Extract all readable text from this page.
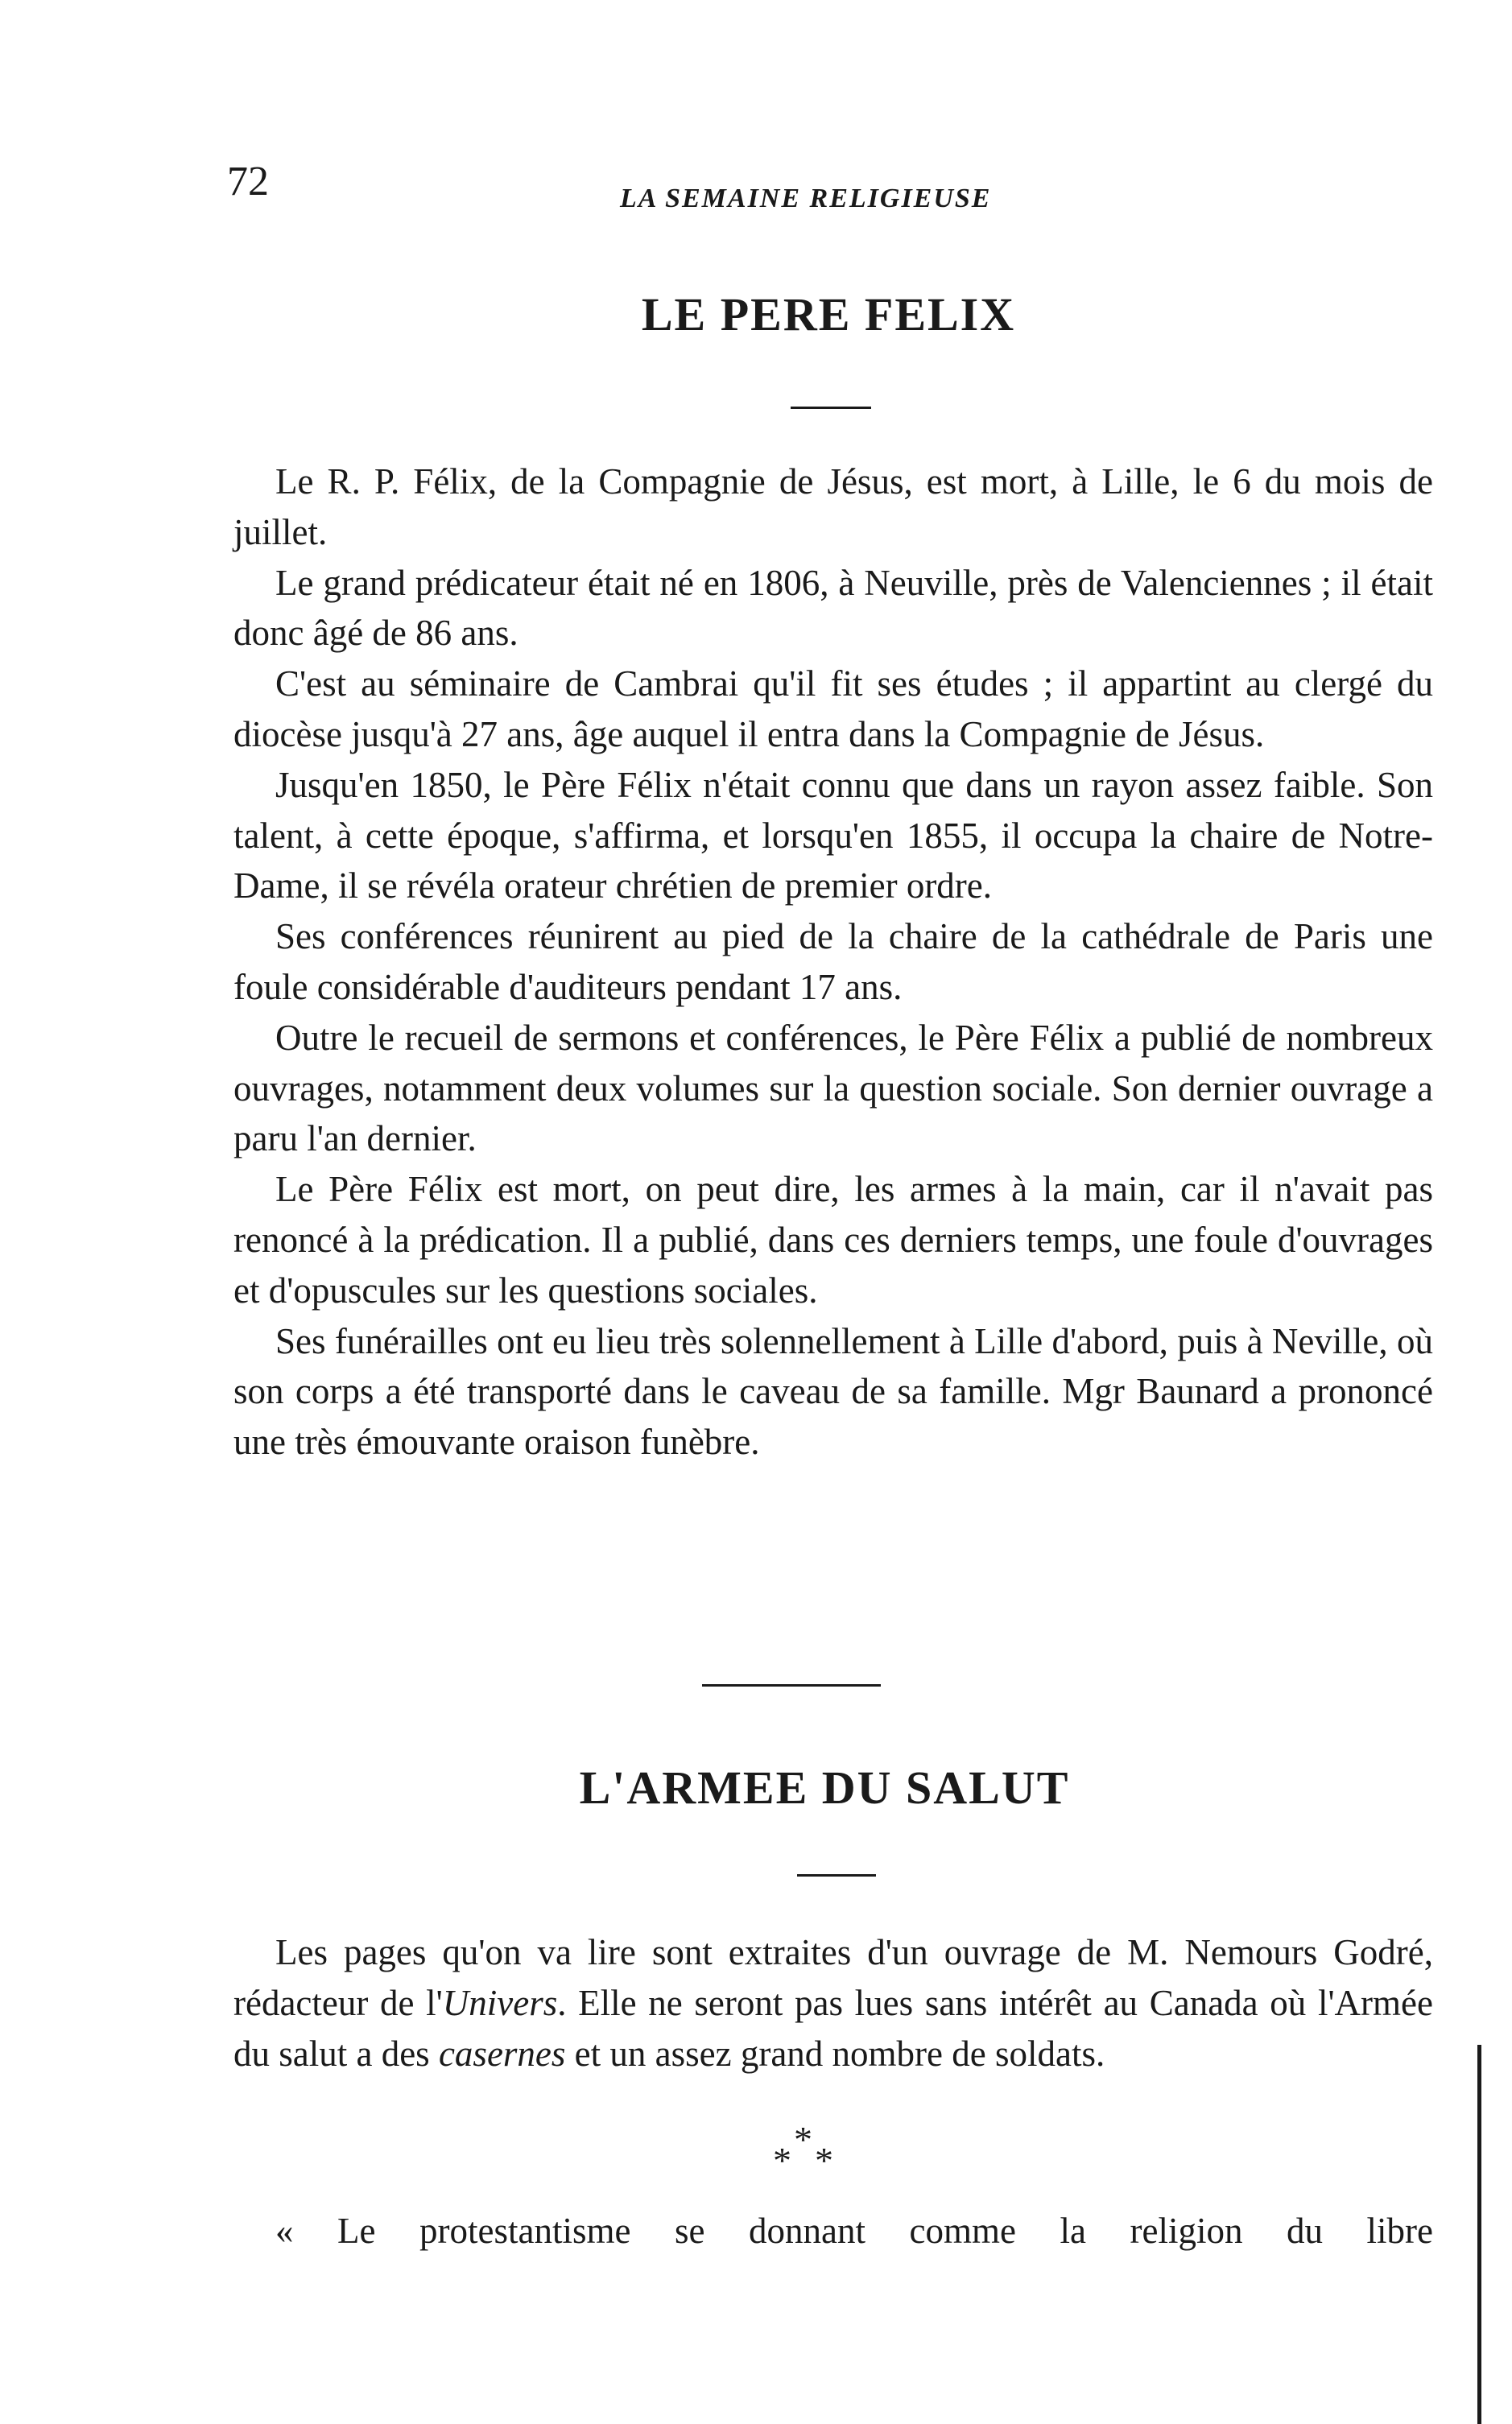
72	LA SEMAINE RELIGIEUSE
LE PERE FELIX

Le R. P. Félix, de la Compagnie de Jésus, est mort, à Lille, le 6 du mois de juillet.

Le grand prédicateur était né en 1806, à Neuville, près de Valenciennes ; il était donc âgé de 86 ans.

C'est au séminaire de Cambrai qu'il fit ses études ; il appartint au clergé du diocèse jusqu'à 27 ans, âge auquel il entra dans la Compagnie de Jésus.

Jusqu'en 1850, le Père Félix n'était connu que dans un rayon assez faible. Son talent, à cette époque, s'affirma, et lorsqu'en 1855, il occupa la chaire de Notre-Dame, il se révéla orateur chrétien de premier ordre.

Ses conférences réunirent au pied de la chaire de la cathédrale de Paris une foule considérable d'auditeurs pendant 17 ans.

Outre le recueil de sermons et conférences, le Père Félix a publié de nombreux ouvrages, notamment deux volumes sur la question sociale. Son dernier ouvrage a paru l'an dernier.

Le Père Félix est mort, on peut dire, les armes à la main, car il n'avait pas renoncé à la prédication. Il a publié, dans ces derniers temps, une foule d'ouvrages et d'opuscules sur les questions sociales.

Ses funérailles ont eu lieu très solennellement à Lille d'abord, puis à Neville, où son corps a été transporté dans le caveau de sa famille. Mgr Baunard a prononcé une très émouvante oraison funèbre.

L'ARMEE DU SALUT

Les pages qu'on va lire sont extraites d'un ouvrage de M. Nemours Godré, rédacteur de l'Univers. Elle ne seront pas lues sans intérêt au Canada où l'Armée du salut a des casernes et un assez grand nombre de soldats.

*
* *
« Le protestantisme se donnant comme la religion du libre
